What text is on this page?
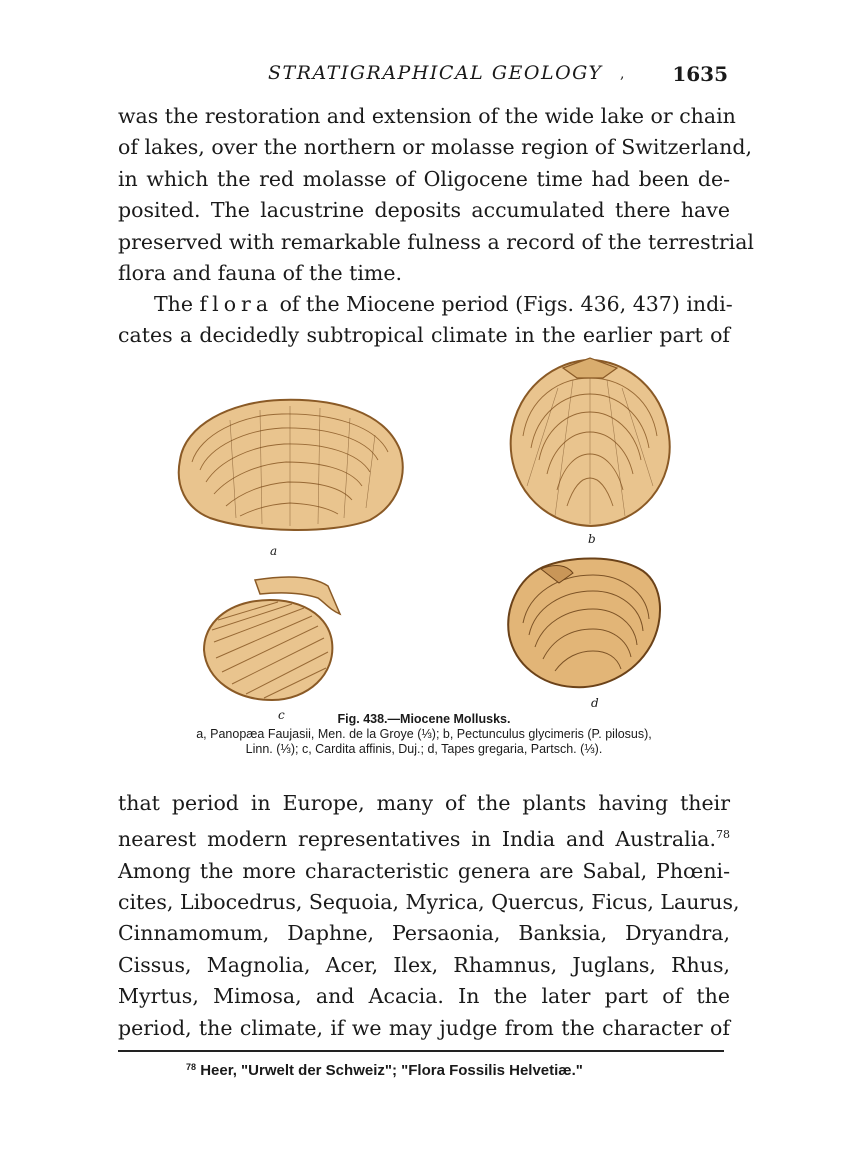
STRATIGRAPHICAL GEOLOGY , 1635
was the restoration and extension of the wide lake or chain
of lakes, over the northern or molasse region of Switzerland,
in which the red molasse of Oligocene time had been de-
posited. The lacustrine deposits accumulated there have
preserved with remarkable fulness a record of the terrestrial
flora and fauna of the time.
The flora of the Miocene period (Figs. 436, 437) indi-
cates a decidedly subtropical climate in the earlier part of
a
b
c
d
Fig. 438.—Miocene Mollusks.
a, Panopæa Faujasii, Men. de la Groye (⅓); b, Pectunculus glycimeris (P. pilosus),
Linn. (⅓); c, Cardita affinis, Duj.; d, Tapes gregaria, Partsch. (⅓).
that period in Europe, many of the plants having their
nearest modern representatives in India and Australia.$^{78}$
Among the more characteristic genera are Sabal, Phœni-
cites, Libocedrus, Sequoia, Myrica, Quercus, Ficus, Laurus,
Cinnamomum, Daphne, Persaonia, Banksia, Dryandra,
Cissus, Magnolia, Acer, Ilex, Rhamnus, Juglans, Rhus,
Myrtus, Mimosa, and Acacia. In the later part of the
period, the climate, if we may judge from the character of
$^{78}$ Heer, "Urwelt der Schweiz"; "Flora Fossilis Helvetiæ."
